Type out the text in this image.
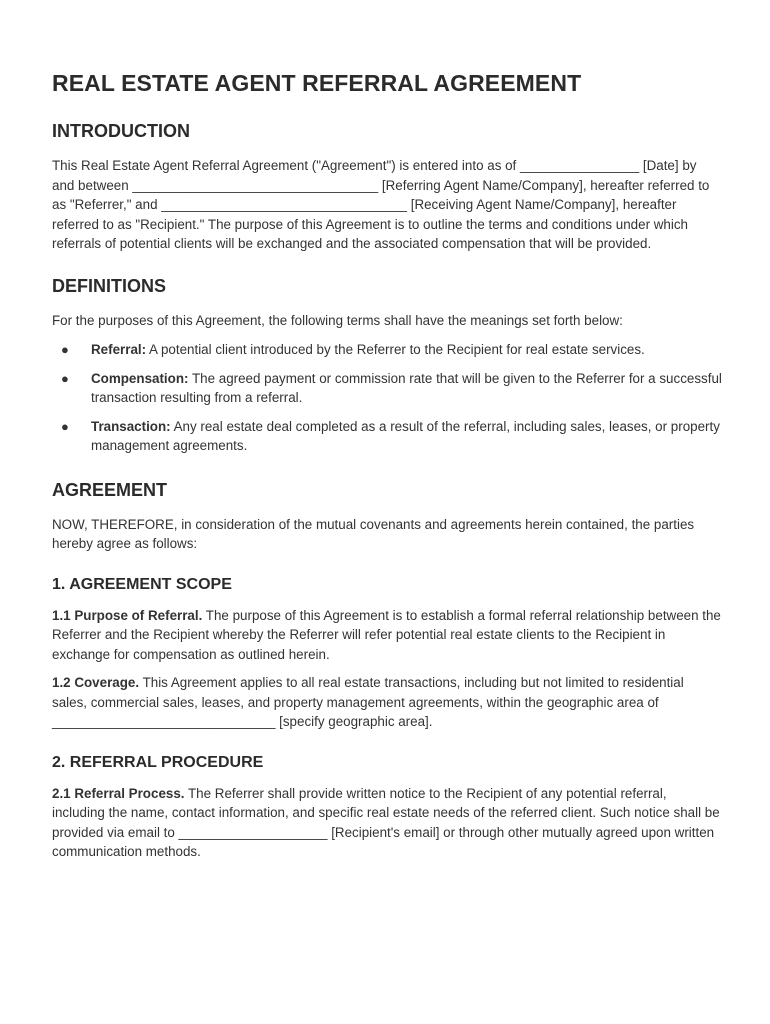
REAL ESTATE AGENT REFERRAL AGREEMENT
INTRODUCTION

This Real Estate Agent Referral Agreement ("Agreement") is entered into as of ________________ [Date] by and between _________________________________ [Referring Agent Name/Company], hereafter referred to as "Referrer," and _________________________________ [Receiving Agent Name/Company], hereafter referred to as "Recipient." The purpose of this Agreement is to outline the terms and conditions under which referrals of potential clients will be exchanged and the associated compensation that will be provided.

DEFINITIONS

For the purposes of this Agreement, the following terms shall have the meanings set forth below:

● Referral: A potential client introduced by the Referrer to the Recipient for real estate services.
● Compensation: The agreed payment or commission rate that will be given to the Referrer for a successful transaction resulting from a referral.
● Transaction: Any real estate deal completed as a result of the referral, including sales, leases, or property management agreements.
AGREEMENT

NOW, THEREFORE, in consideration of the mutual covenants and agreements herein contained, the parties hereby agree as follows:

1. AGREEMENT SCOPE

1.1 Purpose of Referral. The purpose of this Agreement is to establish a formal referral relationship between the Referrer and the Recipient whereby the Referrer will refer potential real estate clients to the Recipient in exchange for compensation as outlined herein.

1.2 Coverage. This Agreement applies to all real estate transactions, including but not limited to residential sales, commercial sales, leases, and property management agreements, within the geographic area of ______________________________ [specify geographic area].

2. REFERRAL PROCEDURE

2.1 Referral Process. The Referrer shall provide written notice to the Recipient of any potential referral, including the name, contact information, and specific real estate needs of the referred client. Such notice shall be provided via email to ____________________ [Recipient's email] or through other mutually agreed upon written communication methods.
